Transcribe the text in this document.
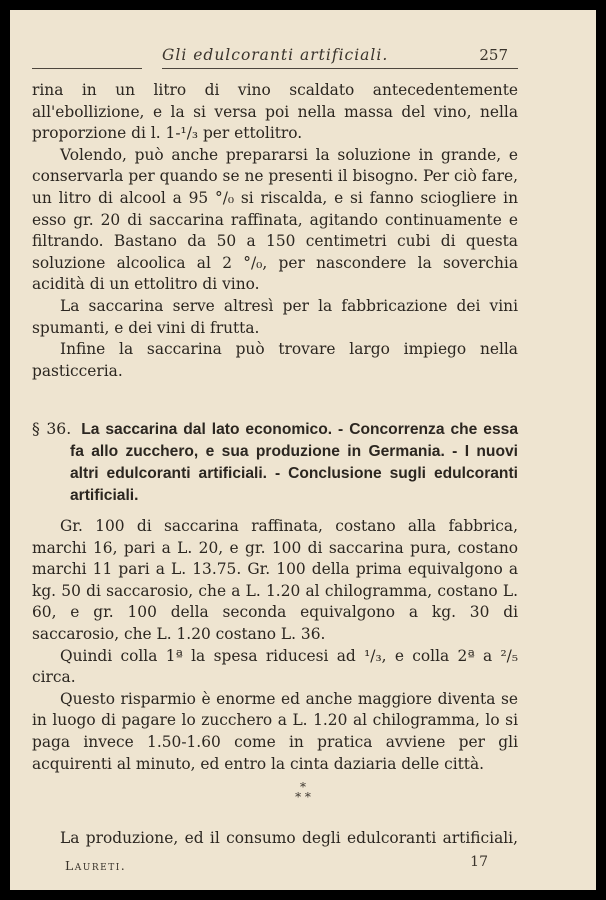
Gli edulcoranti artificiali.	257

rina in un litro di vino scaldato antecedentemente all'ebollizione, e la si versa poi nella massa del vino, nella proporzione di l. 1-¹/₃ per ettolitro.

Volendo, può anche prepararsi la soluzione in grande, e conservarla per quando se ne presenti il bisogno. Per ciò fare, un litro di alcool a 95 °/₀ si riscalda, e si fanno sciogliere in esso gr. 20 di saccarina raffinata, agitando continuamente e filtrando. Bastano da 50 a 150 centimetri cubi di questa soluzione alcoolica al 2 °/₀, per nascondere la soverchia acidità di un ettolitro di vino.

La saccarina serve altresì per la fabbricazione dei vini spumanti, e dei vini di frutta.

Infine la saccarina può trovare largo impiego nella pasticceria.

§ 36. La saccarina dal lato economico. - Concorrenza che essa fa allo zucchero, e sua produzione in Germania. - I nuovi altri edulcoranti artificiali. - Conclusione sugli edulcoranti artificiali.

Gr. 100 di saccarina raffinata, costano alla fabbrica, marchi 16, pari a L. 20, e gr. 100 di saccarina pura, costano marchi 11 pari a L. 13.75. Gr. 100 della prima equivalgono a kg. 50 di saccarosio, che a L. 1.20 al chilogramma, costano L. 60, e gr. 100 della seconda equivalgono a kg. 30 di saccarosio, che L. 1.20 costano L. 36.

Quindi colla 1ª la spesa riducesi ad ¹/₃, e colla 2ª a ²/₅ circa.

Questo risparmio è enorme ed anche maggiore diventa se in luogo di pagare lo zucchero a L. 1.20 al chilogramma, lo si paga invece 1.50-1.60 come in pratica avviene per gli acquirenti al minuto, ed entro la cinta daziaria delle città.

*
* *
La produzione, ed il consumo degli edulcoranti artificiali,
Laureti.	17
